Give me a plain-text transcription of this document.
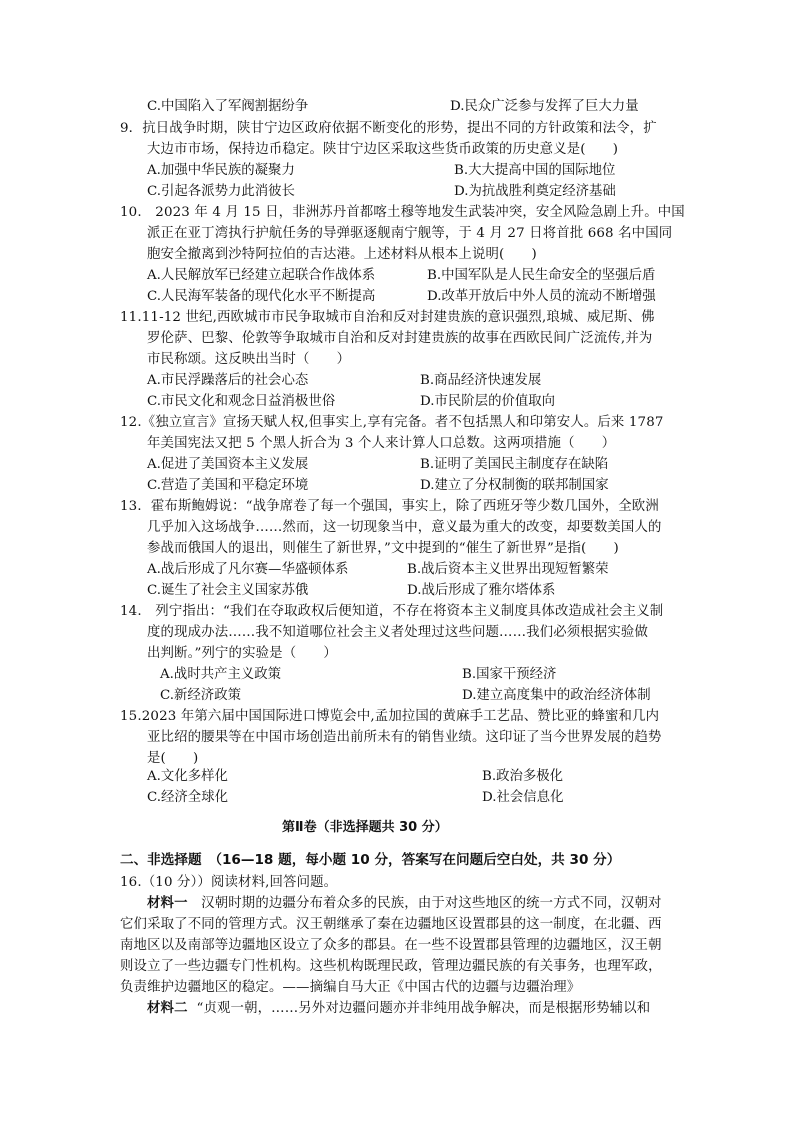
C.中国陷入了军阀割据纷争	D.民众广泛参与发挥了巨大力量
9．抗日战争时期，陕甘宁边区政府依据不断变化的形势，提出不同的方针政策和法令，扩
大边市市场，保持边币稳定。陕甘宁边区采取这些货币政策的历史意义是(　　)
A.加强中华民族的凝聚力	B.大大提高中国的国际地位
C.引起各派势力此消彼长	D.为抗战胜利奠定经济基础
10.　2023 年 4 月 15 日，非洲苏丹首都喀土穆等地发生武装冲突，安全风险急剧上升。中国
派正在亚丁湾执行护航任务的导弹驱逐舰南宁舰等，于 4 月 27 日将首批 668 名中国同
胞安全撤离到沙特阿拉伯的吉达港。上述材料从根本上说明(　　)
A.人民解放军已经建立起联合作战体系	B.中国军队是人民生命安全的坚强后盾
C.人民海军装备的现代化水平不断提高	D.改革开放后中外人员的流动不断增强
11.11-12 世纪,西欧城市市民争取城市自治和反对封建贵族的意识强烈,琅城、威尼斯、佛
罗伦萨、巴黎、伦敦等争取城市自治和反对封建贵族的故事在西欧民间广泛流传,并为
市民称颂。这反映出当时（　　）
A.市民浮躁落后的社会心态	B.商品经济快速发展
C.市民文化和观念日益消极世俗	D.市民阶层的价值取向
12.《独立宣言》宣扬天赋人权,但事实上,享有完备。者不包括黑人和印第安人。后来 1787
年美国宪法又把 5 个黑人折合为 3 个人来计算人口总数。这两项措施（　　）
A.促进了美国资本主义发展	B.证明了美国民主制度存在缺陷
C.营造了美国和平稳定环境	D.建立了分权制衡的联邦制国家
13．霍布斯鲍姆说：“战争席卷了每一个强国，事实上，除了西班牙等少数几国外，全欧洲
几乎加入这场战争……然而，这一切现象当中，意义最为重大的改变，却要数美国人的
参战而俄国人的退出，则催生了新世界，”文中提到的“催生了新世界”是指(　　)
A.战后形成了凡尔赛—华盛顿体系	B.战后资本主义世界出现短暂繁荣
C.诞生了社会主义国家苏俄	D.战后形成了雅尔塔体系
14.　列宁指出：“我们在夺取政权后便知道，不存在将资本主义制度具体改造成社会主义制
度的现成办法……我不知道哪位社会主义者处理过这些问题……我们必须根据实验做
出判断。”列宁的实验是（　　）
A.战时共产主义政策	B.国家干预经济
C.新经济政策	D.建立高度集中的政治经济体制
15.2023 年第六届中国国际进口博览会中,孟加拉国的黄麻手工艺品、赞比亚的蜂蜜和几内
亚比绍的腰果等在中国市场创造出前所未有的销售业绩。这印证了当今世界发展的趋势
是(　　)
A.文化多样化	B.政治多极化
C.经济全球化	D.社会信息化
第Ⅱ卷（非选择题共 30 分）
二、非选择题　（16—18 题，每小题 10 分，答案写在问题后空白处，共 30 分）
16.（10 分））阅读材料,回答问题。
材料一　汉朝时期的边疆分布着众多的民族，由于对这些地区的统一方式不同，汉朝对
它们采取了不同的管理方式。汉王朝继承了秦在边疆地区设置郡县的这一制度，在北疆、西
南地区以及南部等边疆地区设立了众多的郡县。在一些不设置郡县管理的边疆地区，汉王朝
则设立了一些边疆专门性机构。这些机构既理民政，管理边疆民族的有关事务，也理军政，
负责维护边疆地区的稳定。——摘编自马大正《中国古代的边疆与边疆治理》
材料二 “贞观一朝，……另外对边疆问题亦并非纯用战争解决，而是根据形势辅以和
